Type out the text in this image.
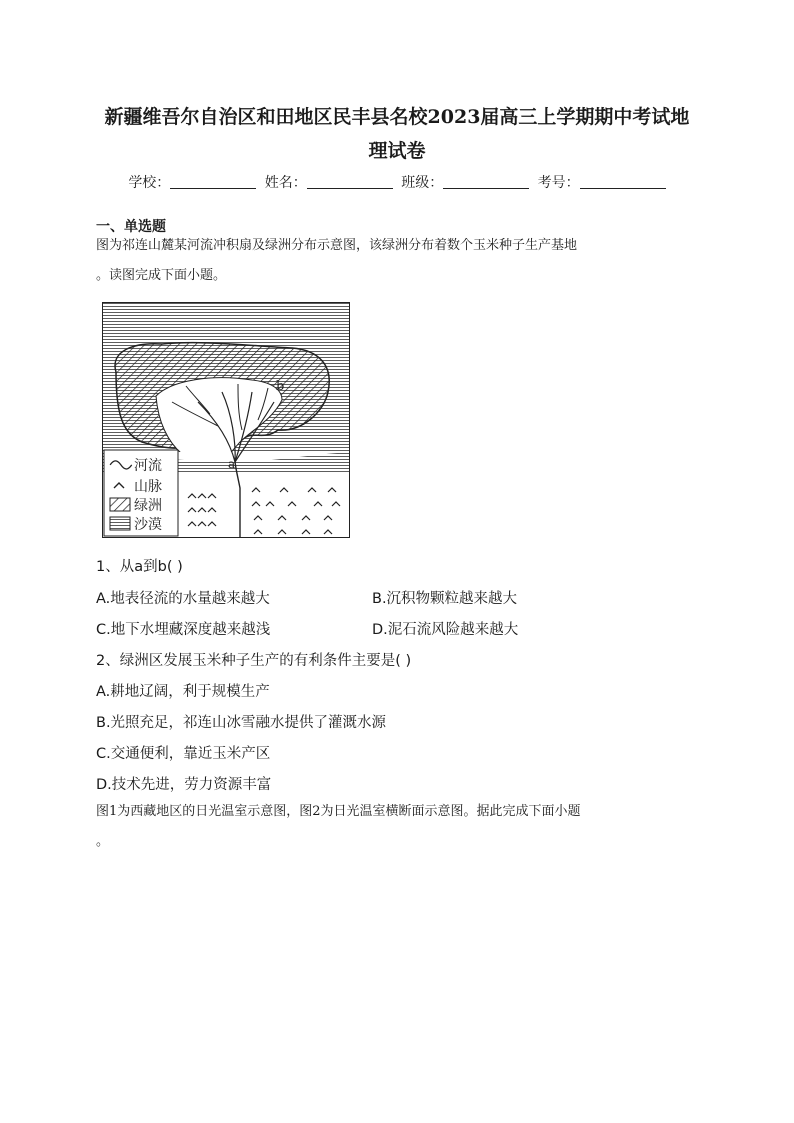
新疆维吾尔自治区和田地区民丰县名校2023届高三上学期期中考试地
理试卷
学校：	姓名：	班级：	考号：
一、单选题
图为祁连山麓某河流冲积扇及绿洲分布示意图，该绿洲分布着数个玉米种子生产基地
。读图完成下面小题。
a
b
河流
山脉
绿洲
沙漠
1、从a到b( )
A.地表径流的水量越来越大	B.沉积物颗粒越来越大
C.地下水埋藏深度越来越浅	D.泥石流风险越来越大
2、绿洲区发展玉米种子生产的有利条件主要是( )
A.耕地辽阔，利于规模生产
B.光照充足，祁连山冰雪融水提供了灌溉水源
C.交通便利，靠近玉米产区
D.技术先进，劳力资源丰富
图1为西藏地区的日光温室示意图，图2为日光温室横断面示意图。据此完成下面小题
。
